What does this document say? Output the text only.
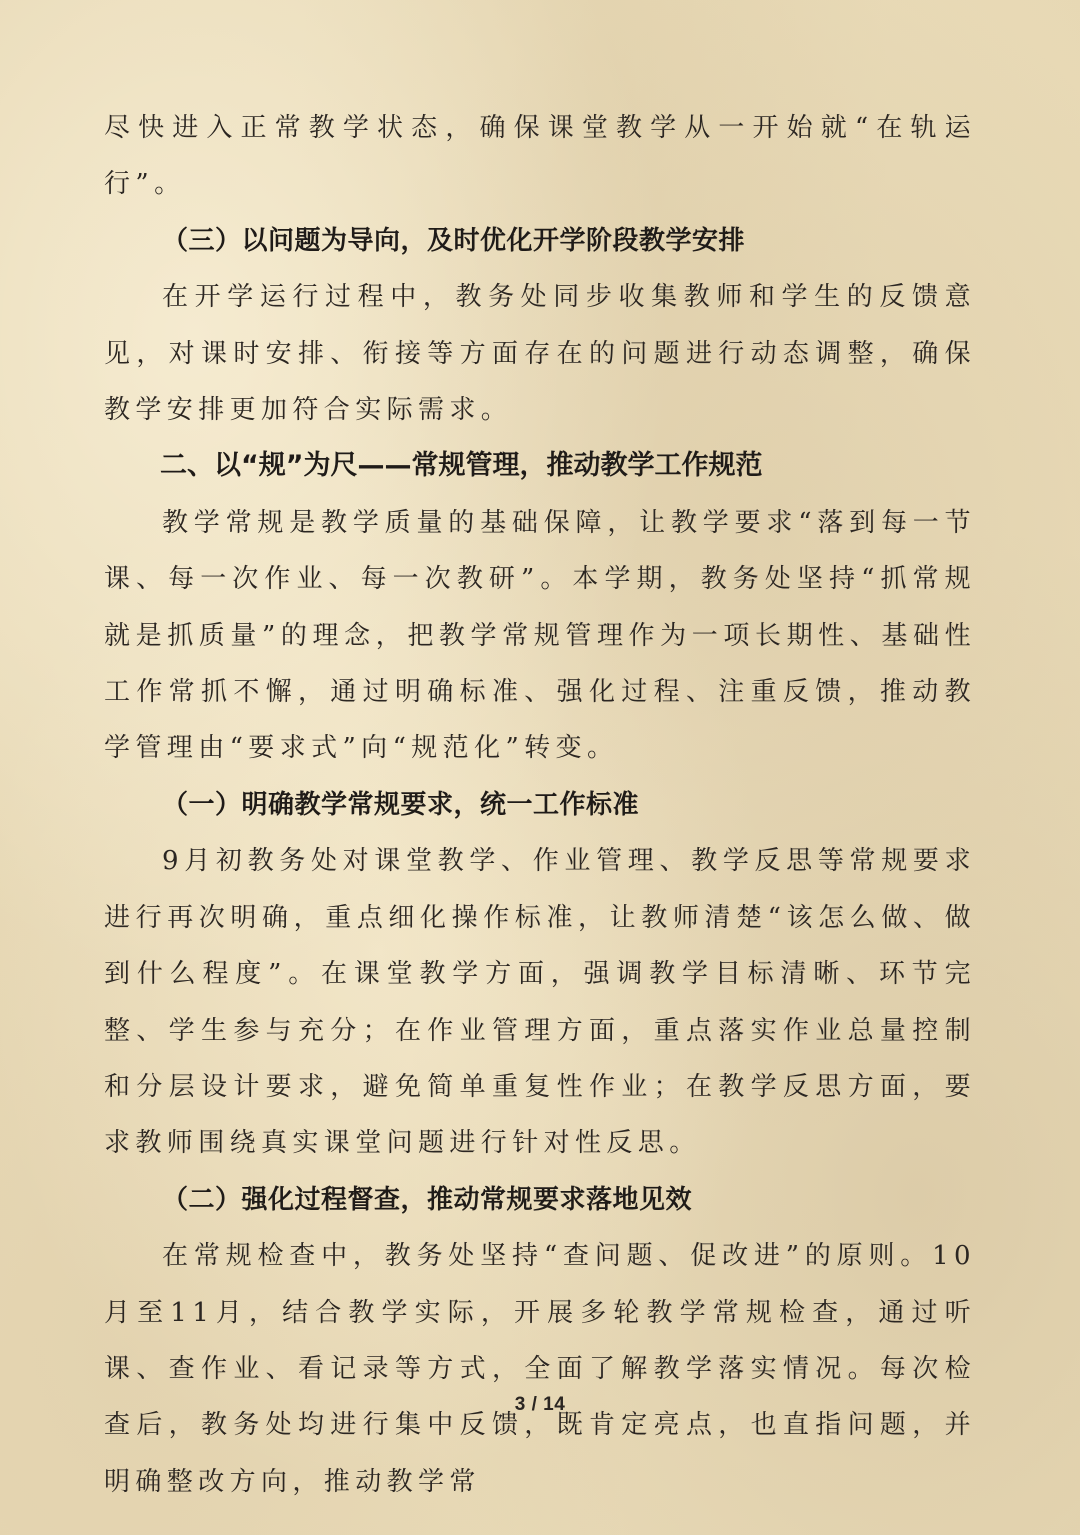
尽快进入正常教学状态，确保课堂教学从一开始就“在轨运行”。

（三）以问题为导向，及时优化开学阶段教学安排

在开学运行过程中，教务处同步收集教师和学生的反馈意见，对课时安排、衔接等方面存在的问题进行动态调整，确保教学安排更加符合实际需求。

二、以“规”为尺——常规管理，推动教学工作规范

教学常规是教学质量的基础保障，让教学要求“落到每一节课、每一次作业、每一次教研”。本学期，教务处坚持“抓常规就是抓质量”的理念，把教学常规管理作为一项长期性、基础性工作常抓不懈，通过明确标准、强化过程、注重反馈，推动教学管理由“要求式”向“规范化”转变。

（一）明确教学常规要求，统一工作标准

9月初教务处对课堂教学、作业管理、教学反思等常规要求进行再次明确，重点细化操作标准，让教师清楚“该怎么做、做到什么程度”。在课堂教学方面，强调教学目标清晰、环节完整、学生参与充分；在作业管理方面，重点落实作业总量控制和分层设计要求，避免简单重复性作业；在教学反思方面，要求教师围绕真实课堂问题进行针对性反思。

（二）强化过程督查，推动常规要求落地见效

在常规检查中，教务处坚持“查问题、促改进”的原则。10月至11月，结合教学实际，开展多轮教学常规检查，通过听课、查作业、看记录等方式，全面了解教学落实情况。每次检查后，教务处均进行集中反馈，既肯定亮点，也直指问题，并明确整改方向，推动教学常

3 / 14
